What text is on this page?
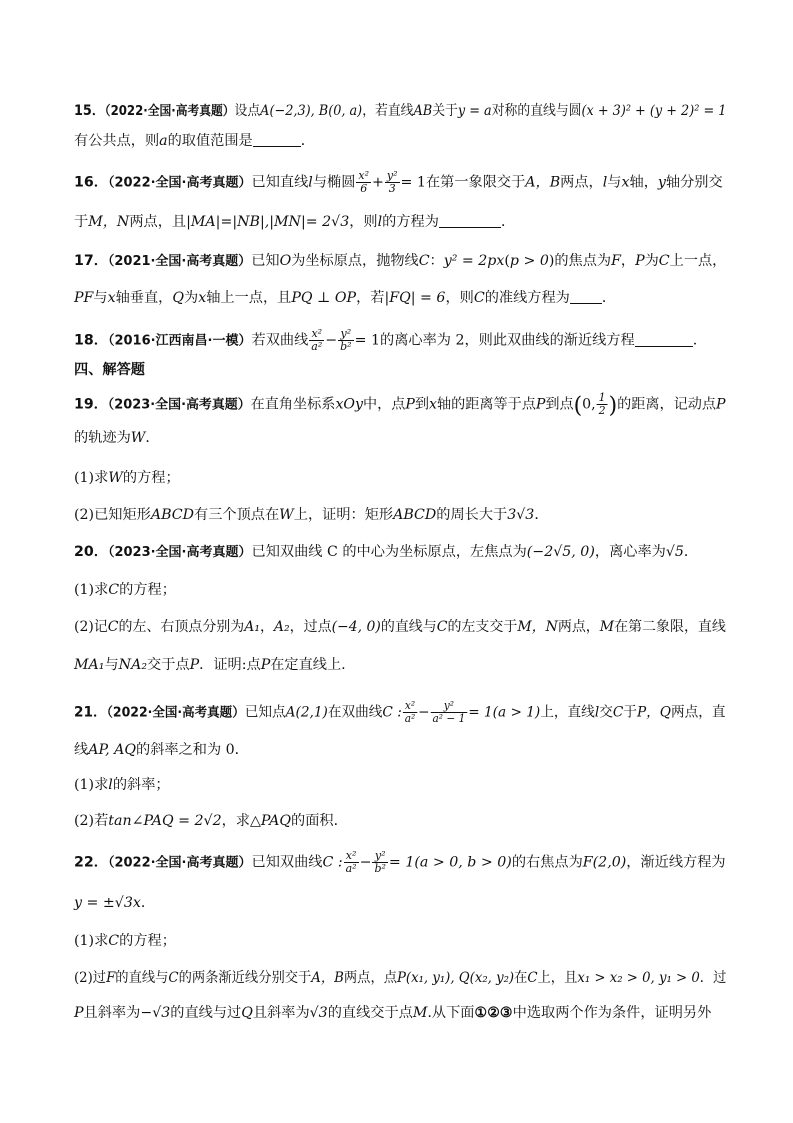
15．（2022·全国·高考真题）设点A(−2,3), B(0, a)，若直线AB关于y = a对称的直线与圆(x + 3)² + (y + 2)² = 1
有公共点，则a的取值范围是	．
16．（2022·全国·高考真题）已知直线l与椭圆 $\frac{\text{x²}}{6} + \frac{\text{y²}}{3} = 1$在第一象限交于A，B两点，l与x轴，y轴分别交
于M，N两点，且|MA|=|NB|,|MN|= 2√3，则l的方程为	．
17．（2021·全国·高考真题）已知O为坐标原点，抛物线C：y² = 2px(p > 0)的焦点为F，P为C上一点，
PF与x轴垂直，Q为x轴上一点，且PQ ⊥ OP，若|FQ| = 6，则C的准线方程为 ．
18．（2016·江西南昌·一模）若双曲线 $\frac{\text{x²}}{\text{a²}} - \frac{\text{y²}}{\text{b²}} = 1$的离心率为 2，则此双曲线的渐近线方程	.
四、解答题
19．（2023·全国·高考真题）在直角坐标系xOy中，点P到x轴的距离等于点P到点(0, $\frac{1}{2}$ )的距离，记动点P
的轨迹为W．
(1)求W的方程；
(2)已知矩形ABCD有三个顶点在W上，证明：矩形ABCD的周长大于3√3．
20．（2023·全国·高考真题）已知双曲线 C 的中心为坐标原点，左焦点为(−2√5, 0)，离心率为√5．
(1)求C的方程；
(2)记C的左、右顶点分别为A₁，A₂，过点(−4, 0)的直线与C的左支交于M，N两点，M在第二象限，直线
MA₁与NA₂交于点P．证明:点P在定直线上.
21．（2022·全国·高考真题）已知点A(2,1)在双曲线C : $\frac{\text{x²}}{\text{a²}} - \frac{\text{y²}}{\text{a² − 1}} = 1(a > 1)$上，直线l交C于P，Q两点，直
线AP, AQ的斜率之和为 0．
(1)求l的斜率；
(2)若tan∠PAQ = 2√2，求△PAQ的面积．
22．（2022·全国·高考真题）已知双曲线C : $\frac{\text{x²}}{\text{a²}} - \frac{\text{y²}}{\text{b²}} = 1(a > 0$, b > 0)的右焦点为F(2,0)，渐近线方程为
y = ±√3x．
(1)求C的方程；
(2)过F的直线与C的两条渐近线分别交于A，B两点，点P(x₁, y₁), Q(x₂, y₂)在C上，且x₁ > x₂ > 0, y₁ > 0．过
P且斜率为−√3的直线与过Q且斜率为√3的直线交于点M.从下面①②③中选取两个作为条件，证明另外
